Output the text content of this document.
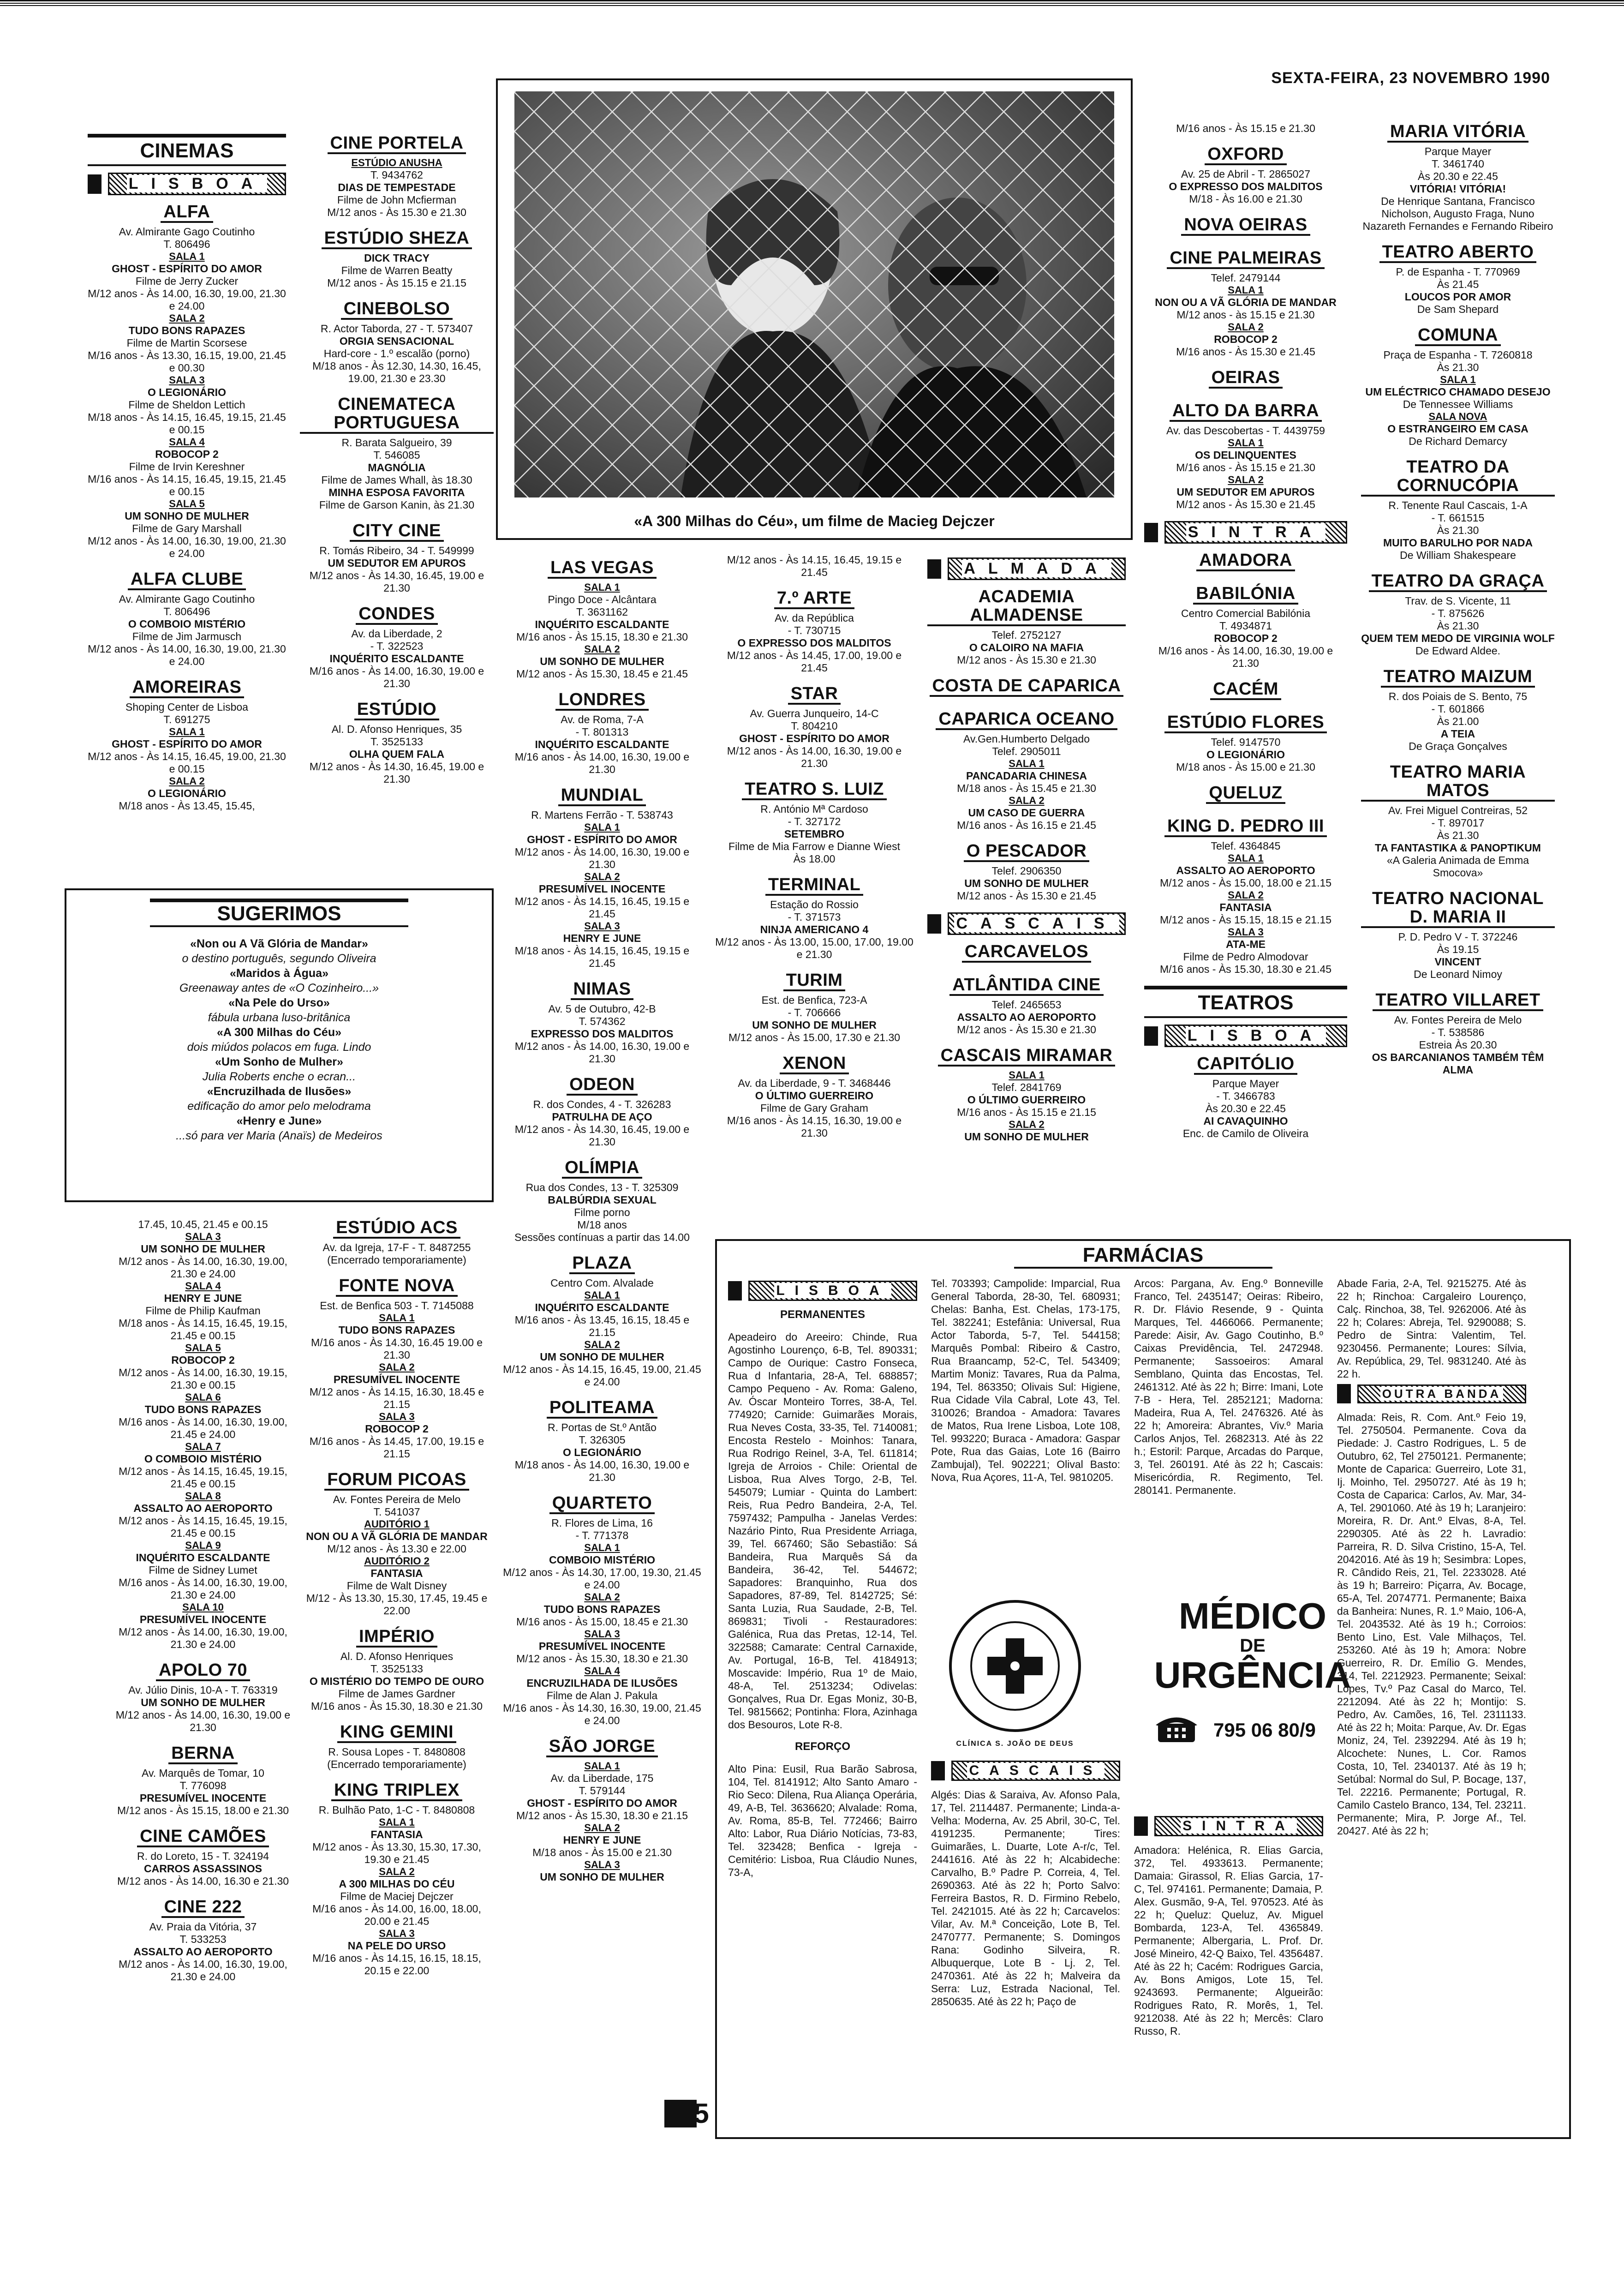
SEXTA-FEIRA, 23 NOVEMBRO 1990
CINEMAS
LISBOA
ALFA
Av. Almirante Gago Coutinho
T. 806496
SALA 1
GHOST - ESPÍRITO DO AMOR
Filme de Jerry Zucker
M/12 anos - Às 14.00, 16.30, 19.00, 21.30 e 24.00
SALA 2
TUDO BONS RAPAZES
Filme de Martin Scorsese
M/16 anos - Às 13.30, 16.15, 19.00, 21.45 e 00.30
SALA 3
O LEGIONÁRIO
Filme de Sheldon Lettich
M/18 anos - Às 14.15, 16.45, 19.15, 21.45 e 00.15
SALA 4
ROBOCOP 2
Filme de Irvin Kereshner
M/16 anos - Às 14.15, 16.45, 19.15, 21.45 e 00.15
SALA 5
UM SONHO DE MULHER
Filme de Gary Marshall
M/12 anos - Às 14.00, 16.30, 19.00, 21.30 e 24.00
ALFA CLUBE
Av. Almirante Gago Coutinho
T. 806496
O COMBOIO MISTÉRIO
Filme de Jim Jarmusch
M/12 anos - Às 14.00, 16.30, 19.00, 21.30 e 24.00
AMOREIRAS
Shoping Center de Lisboa
T. 691275
SALA 1
GHOST - ESPÍRITO DO AMOR
M/12 anos - Às 14.15, 16.45, 19.00, 21.30 e 00.15
SALA 2
O LEGIONÁRIO
M/18 anos - Às 13.45, 15.45,
CINE PORTELA
ESTÚDIO ANUSHA
T. 9434762
DIAS DE TEMPESTADE
Filme de John Mcfierman
M/12 anos - Às 15.30 e 21.30
ESTÚDIO SHEZA
DICK TRACY
Filme de Warren Beatty
M/12 anos - Às 15.15 e 21.15
CINEBOLSO
R. Actor Taborda, 27 - T. 573407
ORGIA SENSACIONAL
Hard-core - 1.º escalão (porno)
M/18 anos - Às 12.30, 14.30, 16.45, 19.00, 21.30 e 23.30
CINEMATECA PORTUGUESA
R. Barata Salgueiro, 39
T. 546085
MAGNÓLIA
Filme de James Whall, às 18.30
MINHA ESPOSA FAVORITA
Filme de Garson Kanin, às 21.30
CITY CINE
R. Tomás Ribeiro, 34 - T. 549999
UM SEDUTOR EM APUROS
M/12 anos - Às 14.30, 16.45, 19.00 e 21.30
CONDES
Av. da Liberdade, 2
- T. 322523
INQUÉRITO ESCALDANTE
M/16 anos - Às 14.00, 16.30, 19.00 e 21.30
ESTÚDIO
Al. D. Afonso Henriques, 35
T. 3525133
OLHA QUEM FALA
M/12 anos - Às 14.30, 16.45, 19.00 e 21.30
«A 300 Milhas do Céu», um filme de Macieg Dejczer
SUGERIMOS
«Non ou A Vã Glória de Mandar»
o destino português, segundo Oliveira
«Maridos à Água»
Greenaway antes de «O Cozinheiro...»
«Na Pele do Urso»
fábula urbana luso-britânica
«A 300 Milhas do Céu»
dois miúdos polacos em fuga. Lindo
«Um Sonho de Mulher»
Julia Roberts enche o ecran...
«Encruzilhada de Ilusões»
edificação do amor pelo melodrama
«Henry e June»
...só para ver Maria (Anaïs) de Medeiros
17.45, 10.45, 21.45 e 00.15
SALA 3
UM SONHO DE MULHER
M/12 anos - Às 14.00, 16.30, 19.00, 21.30 e 24.00
SALA 4
HENRY E JUNE
Filme de Philip Kaufman
M/18 anos - Às 14.15, 16.45, 19.15, 21.45 e 00.15
SALA 5
ROBOCOP 2
M/12 anos - Às 14.00, 16.30, 19.15, 21.30 e 00.15
SALA 6
TUDO BONS RAPAZES
M/16 anos - Às 14.00, 16.30, 19.00, 21.45 e 24.00
SALA 7
O COMBOIO MISTÉRIO
M/12 anos - Às 14.15, 16.45, 19.15, 21.45 e 00.15
SALA 8
ASSALTO AO AEROPORTO
M/12 anos - Às 14.15, 16.45, 19.15, 21.45 e 00.15
SALA 9
INQUÉRITO ESCALDANTE
Filme de Sidney Lumet
M/16 anos - Às 14.00, 16.30, 19.00, 21.30 e 24.00
SALA 10
PRESUMÍVEL INOCENTE
M/12 anos - Às 14.00, 16.30, 19.00, 21.30 e 24.00
APOLO 70
Av. Júlio Dinis, 10-A - T. 763319
UM SONHO DE MULHER
M/12 anos - Às 14.00, 16.30, 19.00 e 21.30
BERNA
Av. Marquês de Tomar, 10
T. 776098
PRESUMÍVEL INOCENTE
M/12 anos - Às 15.15, 18.00 e 21.30
CINE CAMÕES
R. do Loreto, 15 - T. 324194
CARROS ASSASSINOS
M/12 anos - Às 14.00, 16.30 e 21.30
CINE 222
Av. Praia da Vitória, 37
T. 533253
ASSALTO AO AEROPORTO
M/12 anos - Às 14.00, 16.30, 19.00, 21.30 e 24.00
ESTÚDIO ACS
Av. da Igreja, 17-F - T. 8487255
(Encerrado temporariamente)
FONTE NOVA
Est. de Benfica 503 - T. 7145088
SALA 1
TUDO BONS RAPAZES
M/16 anos - Às 14.30, 16.45 19.00 e 21.30
SALA 2
PRESUMÍVEL INOCENTE
M/12 anos - Às 14.15, 16.30, 18.45 e 21.15
SALA 3
ROBOCOP 2
M/16 anos - Às 14.45, 17.00, 19.15 e 21.15
FORUM PICOAS
Av. Fontes Pereira de Melo
T. 541037
AUDITÓRIO 1
NON OU A VÃ GLÓRIA DE MANDAR
M/12 anos - Às 13.30 e 22.00
AUDITÓRIO 2
FANTASIA
Filme de Walt Disney
M/12 - Às 13.30, 15.30, 17.45, 19.45 e 22.00
IMPÉRIO
Al. D. Afonso Henriques
T. 3525133
O MISTÉRIO DO TEMPO DE OURO
Filme de James Gardner
M/16 anos - Às 15.30, 18.30 e 21.30
KING GEMINI
R. Sousa Lopes - T. 8480808
(Encerrado temporariamente)
KING TRIPLEX
R. Bulhão Pato, 1-C - T. 8480808
SALA 1
FANTASIA
M/12 anos - Às 13.30, 15.30, 17.30, 19.30 e 21.45
SALA 2
A 300 MILHAS DO CÉU
Filme de Maciej Dejczer
M/16 anos - Às 14.00, 16.00, 18.00, 20.00 e 21.45
SALA 3
NA PELE DO URSO
M/16 anos - Às 14.15, 16.15, 18.15, 20.15 e 22.00
LAS VEGAS
SALA 1
Pingo Doce - Alcântara
T. 3631162
INQUÉRITO ESCALDANTE
M/16 anos - Às 15.15, 18.30 e 21.30
SALA 2
UM SONHO DE MULHER
M/12 anos - Às 15.30, 18.45 e 21.45
LONDRES
Av. de Roma, 7-A
- T. 801313
INQUÉRITO ESCALDANTE
M/16 anos - Às 14.00, 16.30, 19.00 e 21.30
MUNDIAL
R. Martens Ferrão - T. 538743
SALA 1
GHOST - ESPÍRITO DO AMOR
M/12 anos - Às 14.00, 16.30, 19.00 e 21.30
SALA 2
PRESUMÍVEL INOCENTE
M/12 anos - Às 14.15, 16.45, 19.15 e 21.45
SALA 3
HENRY E JUNE
M/18 anos - Às 14.15, 16.45, 19.15 e 21.45
NIMAS
Av. 5 de Outubro, 42-B
T. 574362
EXPRESSO DOS MALDITOS
M/12 anos - Às 14.00, 16.30, 19.00 e 21.30
ODEON
R. dos Condes, 4 - T. 326283
PATRULHA DE AÇO
M/12 anos - Às 14.30, 16.45, 19.00 e 21.30
OLÍMPIA
Rua dos Condes, 13 - T. 325309
BALBÚRDIA SEXUAL
Filme porno
M/18 anos
Sessões contínuas a partir das 14.00
PLAZA
Centro Com. Alvalade
SALA 1
INQUÉRITO ESCALDANTE
M/16 anos - Às 13.45, 16.15, 18.45 e 21.15
SALA 2
UM SONHO DE MULHER
M/12 anos - Às 14.15, 16.45, 19.00, 21.45 e 24.00
POLITEAMA
R. Portas de St.º Antão
T. 326305
O LEGIONÁRIO
M/18 anos - Às 14.00, 16.30, 19.00 e 21.30
QUARTETO
R. Flores de Lima, 16
- T. 771378
SALA 1
COMBOIO MISTÉRIO
M/12 anos - Às 14.30, 17.00, 19.30, 21.45 e 24.00
SALA 2
TUDO BONS RAPAZES
M/16 anos - Às 15.00, 18.45 e 21.30
SALA 3
PRESUMÍVEL INOCENTE
M/12 anos - Às 15.30, 18.30 e 21.30
SALA 4
ENCRUZILHADA DE ILUSÕES
Filme de Alan J. Pakula
M/16 anos - Às 14.30, 16.30, 19.00, 21.45 e 24.00
SÃO JORGE
SALA 1
Av. da Liberdade, 175
T. 579144
GHOST - ESPÍRITO DO AMOR
M/12 anos - Às 15.30, 18.30 e 21.15
SALA 2
HENRY E JUNE
M/18 anos - Às 15.00 e 21.30
SALA 3
UM SONHO DE MULHER
M/12 anos - Às 14.15, 16.45, 19.15 e 21.45
7.º ARTE
Av. da República
- T. 730715
O EXPRESSO DOS MALDITOS
M/12 anos - Às 14.45, 17.00, 19.00 e 21.45
STAR
Av. Guerra Junqueiro, 14-C
T. 804210
GHOST - ESPÍRITO DO AMOR
M/12 anos - Às 14.00, 16.30, 19.00 e 21.30
TEATRO S. LUIZ
R. António Mª Cardoso
- T. 327172
SETEMBRO
Filme de Mia Farrow e Dianne Wiest
Às 18.00
TERMINAL
Estação do Rossio
- T. 371573
NINJA AMERICANO 4
M/12 anos - Às 13.00, 15.00, 17.00, 19.00 e 21.30
TURIM
Est. de Benfica, 723-A
- T. 706666
UM SONHO DE MULHER
M/12 anos - Às 15.00, 17.30 e 21.30
XENON
Av. da Liberdade, 9 - T. 3468446
O ÚLTIMO GUERREIRO
Filme de Gary Graham
M/16 anos - Às 14.15, 16.30, 19.00 e 21.30
ALMADA
ACADEMIA ALMADENSE
Telef. 2752127
O CALOIRO NA MAFIA
M/12 anos - Às 15.30 e 21.30
COSTA DE CAPARICA
CAPARICA OCEANO
Av.Gen.Humberto Delgado
Telef. 2905011
SALA 1
PANCADARIA CHINESA
M/18 anos - Às 15.45 e 21.30
SALA 2
UM CASO DE GUERRA
M/16 anos - Às 16.15 e 21.45
O PESCADOR
Telef. 2906350
UM SONHO DE MULHER
M/12 anos - Às 15.30 e 21.45
CASCAIS
CARCAVELOS
ATLÂNTIDA CINE
Telef. 2465653
ASSALTO AO AEROPORTO
M/12 anos - Às 15.30 e 21.30
CASCAIS MIRAMAR
SALA 1
Telef. 2841769
O ÚLTIMO GUERREIRO
M/16 anos - Às 15.15 e 21.15
SALA 2
UM SONHO DE MULHER
M/16 anos - Às 15.15 e 21.30
OXFORD
Av. 25 de Abril - T. 2865027
O EXPRESSO DOS MALDITOS
M/18 - Às 16.00 e 21.30
NOVA OEIRAS
CINE PALMEIRAS
Telef. 2479144
SALA 1
NON OU A VÃ GLÓRIA DE MANDAR
M/12 anos - às 15.15 e 21.30
SALA 2
ROBOCOP 2
M/16 anos - Às 15.30 e 21.45
OEIRAS
ALTO DA BARRA
Av. das Descobertas - T. 4439759
SALA 1
OS DELINQUENTES
M/16 anos - Às 15.15 e 21.30
SALA 2
UM SEDUTOR EM APUROS
M/12 anos - Às 15.30 e 21.45
SINTRA
AMADORA
BABILÓNIA
Centro Comercial Babilónia
T. 4934871
ROBOCOP 2
M/16 anos - Às 14.00, 16.30, 19.00 e 21.30
CACÉM
ESTÚDIO FLORES
Telef. 9147570
O LEGIONÁRIO
M/18 anos - Às 15.00 e 21.30
QUELUZ
KING D. PEDRO III
Telef. 4364845
SALA 1
ASSALTO AO AEROPORTO
M/12 anos - Às 15.00, 18.00 e 21.15
SALA 2
FANTASIA
M/12 anos - Às 15.15, 18.15 e 21.15
SALA 3
ATA-ME
Filme de Pedro Almodovar
M/16 anos - Às 15.30, 18.30 e 21.45
TEATROS
LISBOA
CAPITÓLIO
Parque Mayer
- T. 3466783
Às 20.30 e 22.45
AI CAVAQUINHO
Enc. de Camilo de Oliveira
MARIA VITÓRIA
Parque Mayer
T. 3461740
Às 20.30 e 22.45
VITÓRIA! VITÓRIA!
De Henrique Santana, Francisco Nicholson, Augusto Fraga, Nuno Nazareth Fernandes e Fernando Ribeiro
TEATRO ABERTO
P. de Espanha - T. 770969
Às 21.45
LOUCOS POR AMOR
De Sam Shepard
COMUNA
Praça de Espanha - T. 7260818
Às 21.30
SALA 1
UM ELÉCTRICO CHAMADO DESEJO
De Tennessee Williams
SALA NOVA
O ESTRANGEIRO EM CASA
De Richard Demarcy
TEATRO DA CORNUCÓPIA
R. Tenente Raul Cascais, 1-A
- T. 661515
Às 21.30
MUITO BARULHO POR NADA
De William Shakespeare
TEATRO DA GRAÇA
Trav. de S. Vicente, 11
- T. 875626
Às 21.30
QUEM TEM MEDO DE VIRGINIA WOLF
De Edward Aldee.
TEATRO MAIZUM
R. dos Poiais de S. Bento, 75
- T. 601866
Às 21.00
A TEIA
De Graça Gonçalves
TEATRO MARIA MATOS
Av. Frei Miguel Contreiras, 52
- T. 897017
Às 21.30
TA FANTASTIKA & PANOPTIKUM
«A Galeria Animada de Emma Smocova»
TEATRO NACIONAL D. MARIA II
P. D. Pedro V - T. 372246
Às 19.15
VINCENT
De Leonard Nimoy
TEATRO VILLARET
Av. Fontes Pereira de Melo
- T. 538586
Estreia Às 20.30
OS BARCANIANOS TAMBÉM TÊM ALMA
FARMÁCIAS
LISBOA
PERMANENTES
Apeadeiro do Areeiro: Chinde, Rua Agostinho Lourenço, 6-B, Tel. 890331; Campo de Ourique: Castro Fonseca, Rua d Infantaria, 28-A, Tel. 688857; Campo Pequeno - Av. Roma: Galeno, Av. Óscar Monteiro Torres, 38-A, Tel. 774920; Carnide: Guimarães Morais, Rua Neves Costa, 33-35, Tel. 7140081; Encosta Restelo - Moinhos: Tanara, Rua Rodrigo Reinel, 3-A, Tel. 611814; Igreja de Arroios - Chile: Oriental de Lisboa, Rua Alves Torgo, 2-B, Tel. 545079; Lumiar - Quinta do Lambert: Reis, Rua Pedro Bandeira, 2-A, Tel. 7597432; Pampulha - Janelas Verdes: Nazário Pinto, Rua Presidente Arriaga, 39, Tel. 667460; São Sebastião: Sá Bandeira, Rua Marquês Sá da Bandeira, 36-42, Tel. 544672; Sapadores: Branquinho, Rua dos Sapadores, 87-89, Tel. 8142725; Sé: Santa Luzia, Rua Saudade, 2-B, Tel. 869831; Tivoli - Restauradores: Galénica, Rua das Pretas, 12-14, Tel. 322588; Camarate: Central Carnaxide, Av. Portugal, 16-B, Tel. 4184913; Moscavide: Império, Rua 1º de Maio, 48-A, Tel. 2513234; Odivelas: Gonçalves, Rua Dr. Egas Moniz, 30-B, Tel. 9815662; Pontinha: Flora, Azinhaga dos Besouros, Lote R-8.
REFORÇO
Alto Pina: Eusil, Rua Barão Sabrosa, 104, Tel. 8141912; Alto Santo Amaro - Rio Seco: Dilena, Rua Aliança Operária, 49, A-B, Tel. 3636620; Alvalade: Roma, Av. Roma, 85-B, Tel. 772466; Bairro Alto: Labor, Rua Diário Notícias, 73-83, Tel. 323428; Benfica - Igreja - Cemitério: Lisboa, Rua Cláudio Nunes, 73-A,
Tel. 703393; Campolide: Imparcial, Rua General Taborda, 28-30, Tel. 680931; Chelas: Banha, Est. Chelas, 173-175, Tel. 382241; Estefânia: Universal, Rua Actor Taborda, 5-7, Tel. 544158; Marquês Pombal: Ribeiro & Castro, Rua Braancamp, 52-C, Tel. 543409; Martim Moniz: Tavares, Rua da Palma, 194, Tel. 863350; Olivais Sul: Higiene, Rua Cidade Vila Cabral, Lote 43, Tel. 310026; Brandoa - Amadora: Tavares de Matos, Rua Irene Lisboa, Lote 108, Tel. 993220; Buraca - Amadora: Gaspar Pote, Rua das Gaias, Lote 16 (Bairro Zambujal), Tel. 902221; Olival Basto: Nova, Rua Açores, 11-A, Tel. 9810205.
CASCAIS
Algés: Dias & Saraiva, Av. Afonso Pala, 17, Tel. 2114487. Permanente; Linda-a-Velha: Moderna, Av. 25 Abril, 30-C, Tel. 4191235. Permanente; Tires: Guimarães, L. Duarte, Lote A-r/c, Tel. 2441616. Até às 22 h; Alcabideche: Carvalho, B.º Padre P. Correia, 4, Tel. 2690363. Até às 22 h; Porto Salvo: Ferreira Bastos, R. D. Firmino Rebelo, Tel. 2421015. Até às 22 h; Carcavelos: Vilar, Av. M.ª Conceição, Lote B, Tel. 2470777. Permanente; S. Domingos Rana: Godinho Silveira, R. Albuquerque, Lote B - Lj. 2, Tel. 2470361. Até às 22 h; Malveira da Serra: Luz, Estrada Nacional, Tel. 2850635. Até às 22 h; Paço de
Arcos: Pargana, Av. Eng.º Bonneville Franco, Tel. 2435147; Oeiras: Ribeiro, R. Dr. Flávio Resende, 9 - Quinta Marques, Tel. 4466066. Permanente; Parede: Aisir, Av. Gago Coutinho, B.º Caixas Previdência, Tel. 2472948. Permanente; Sassoeiros: Amaral Semblano, Quinta das Encostas, Tel. 2461312. Até às 22 h; Birre: Imani, Lote 7-B - Hera, Tel. 2852121; Madorna: Madeira, Rua A, Tel. 2476326. Até às 22 h; Amoreira: Abrantes, Viv.º Maria Carlos Anjos, Tel. 2682313. Até às 22 h.; Estoril: Parque, Arcadas do Parque, 3, Tel. 260191. Até às 22 h; Cascais: Misericórdia, R. Regimento, Tel. 280141. Permanente.
SINTRA
Amadora: Helénica, R. Elias Garcia, 372, Tel. 4933613. Permanente; Damaia: Girassol, R. Elias Garcia, 17-C, Tel. 974161. Permanente; Damaia, P. Alex. Gusmão, 9-A, Tel. 970523. Até às 22 h; Queluz: Queluz, Av. Miguel Bombarda, 123-A, Tel. 4365849. Permanente; Albergaria, L. Prof. Dr. José Mineiro, 42-Q Baixo, Tel. 4356487. Até às 22 h; Cacém: Rodrigues Garcia, Av. Bons Amigos, Lote 15, Tel. 9243693. Permanente; Algueirão: Rodrigues Rato, R. Morês, 1, Tel. 9212038. Até às 22 h; Mercês: Claro Russo, R.
Abade Faria, 2-A, Tel. 9215275. Até às 22 h; Rinchoa: Cargaleiro Lourenço, Calç. Rinchoa, 38, Tel. 9262006. Até às 22 h; Colares: Abreja, Tel. 9290088; S. Pedro de Sintra: Valentim, Tel. 9230456. Permanente; Loures: Sílvia, Av. República, 29, Tel. 9831240. Até às 22 h.
OUTRA BANDA
Almada: Reis, R. Com. Ant.º Feio 19, Tel. 2750504. Permanente. Cova da Piedade: J. Castro Rodrigues, L. 5 de Outubro, 62, Tel 2750121. Permanente; Monte de Caparica: Guerreiro, Lote 31, Ij. Moinho, Tel. 2950727. Até às 19 h; Costa de Caparica: Carlos, Av. Mar, 34-A, Tel. 2901060. Até às 19 h; Laranjeiro: Moreira, R. Dr. Ant.º Elvas, 8-A, Tel. 2290305. Até às 22 h. Lavradio: Parreira, R. D. Silva Cristino, 15-A, Tel. 2042016. Até às 19 h; Sesimbra: Lopes, R. Cândido Reis, 21, Tel. 2233028. Até às 19 h; Barreiro: Piçarra, Av. Bocage, 65-A, Tel. 2074771. Permanente; Baixa da Banheira: Nunes, R. 1.º Maio, 106-A, Tel. 2043532. Até às 19 h.; Corroios: Bento Lino, Est. Vale Milhaços, Tel. 253260. Até às 19 h; Amora: Nobre Guerreiro, R. Dr. Emílio G. Mendes, 314, Tel. 2212923. Permanente; Seixal: Lopes, Tv.º Paz Casal do Marco, Tel. 2212094. Até às 22 h; Montijo: S. Pedro, Av. Camões, 16, Tel. 2311133. Até às 22 h; Moita: Parque, Av. Dr. Egas Moniz, 24, Tel. 2392294. Até às 19 h; Alcochete: Nunes, L. Cor. Ramos Costa, 10, Tel. 2340137. Até às 19 h; Setúbal: Normal do Sul, P. Bocage, 137, Tel. 22216. Permanente; Portugal, R. Camilo Castelo Branco, 134, Tel. 23211. Permanente; Mira, P. Jorge Af., Tel. 20427. Até às 22 h;
CLÍNICA S. JOÃO DE DEUS
MÉDICO
DE
URGÊNCIA
795 06 80/9
25
